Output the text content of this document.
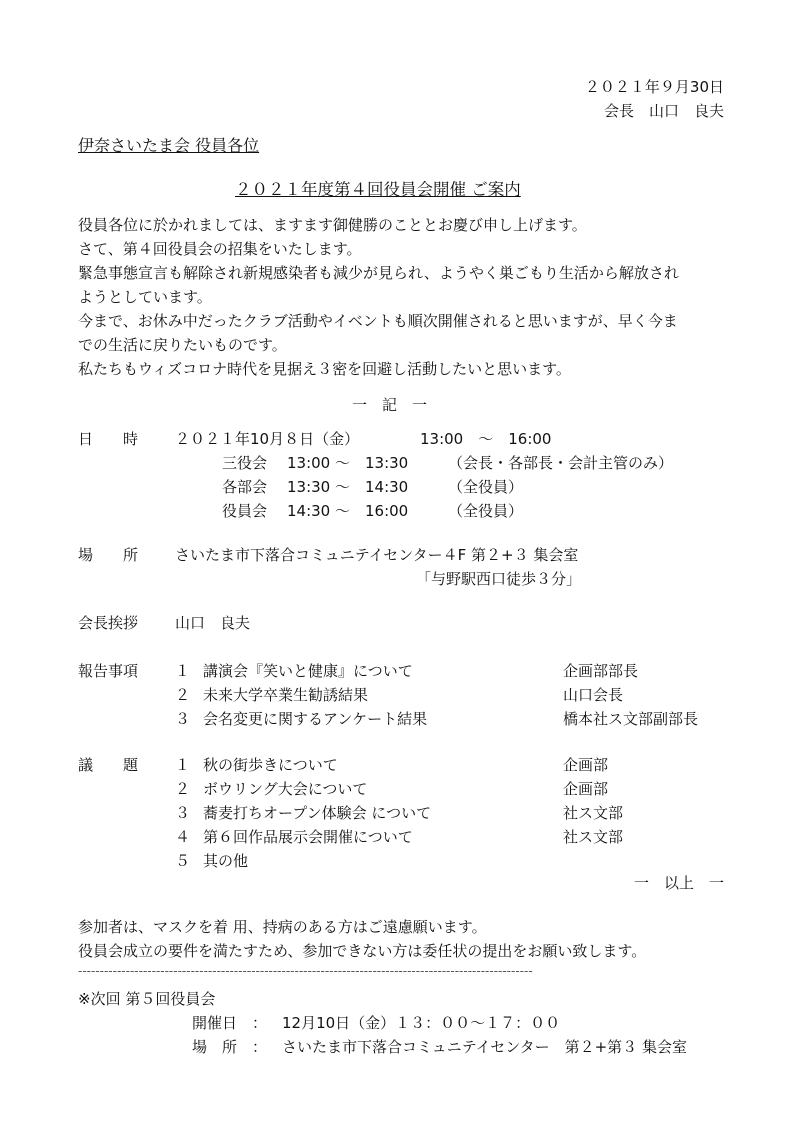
２０２１年９月30日
会長　山口　良夫
伊奈さいたま会 役員各位
２０２１年度第４回役員会開催 ご案内
役員各位に於かれましては、ますます御健勝のこととお慶び申し上げます。
さて、第４回役員会の招集をいたします。
緊急事態宣言も解除され新規感染者も減少が見られ、ようやく巣ごもり生活から解放され
ようとしています。
今まで、お休み中だったクラブ活動やイベントも順次開催されると思いますが、早く今ま
での生活に戻りたいものです。
私たちもウィズコロナ時代を見据え３密を回避し活動したいと思います。
一　記　一
日　　時 ２０２１年10月８日（金）	13:00　～　16:00
三役会 13:00 ～　13:30	（会長・各部長・会計主管のみ）
各部会 13:30 ～　14:30	（全役員）
役員会 14:30 ～　16:00	（全役員）
場　　所 さいたま市下落合コミュニテイセンター４F 第２+３ 集会室
「与野駅西口徒歩３分」
会長挨拶 山口　良夫
報告事項 １ 講演会『笑いと健康』について	企画部部長
２ 未来大学卒業生勧誘結果	山口会長
３ 会名変更に関するアンケート結果	橋本社ス文部副部長
議　　題 １ 秋の街歩きについて	企画部
２ ボウリング大会について	企画部
３ 蕎麦打ちオープン体験会 について	社ス文部
４ 第６回作品展示会開催について	社ス文部
５ 其の他
一　以上　一
参加者は、マスクを着 用、持病のある方はご遠慮願います。
役員会成立の要件を満たすため、参加できない方は委任状の提出をお願い致します。
---------------------------------------------------------------------------------------------------------
※次回 第５回役員会
開催日 ： 12月10日（金）１３：００～１７：００
場　所 ： さいたま市下落合コミュニテイセンター　第２+第３ 集会室
